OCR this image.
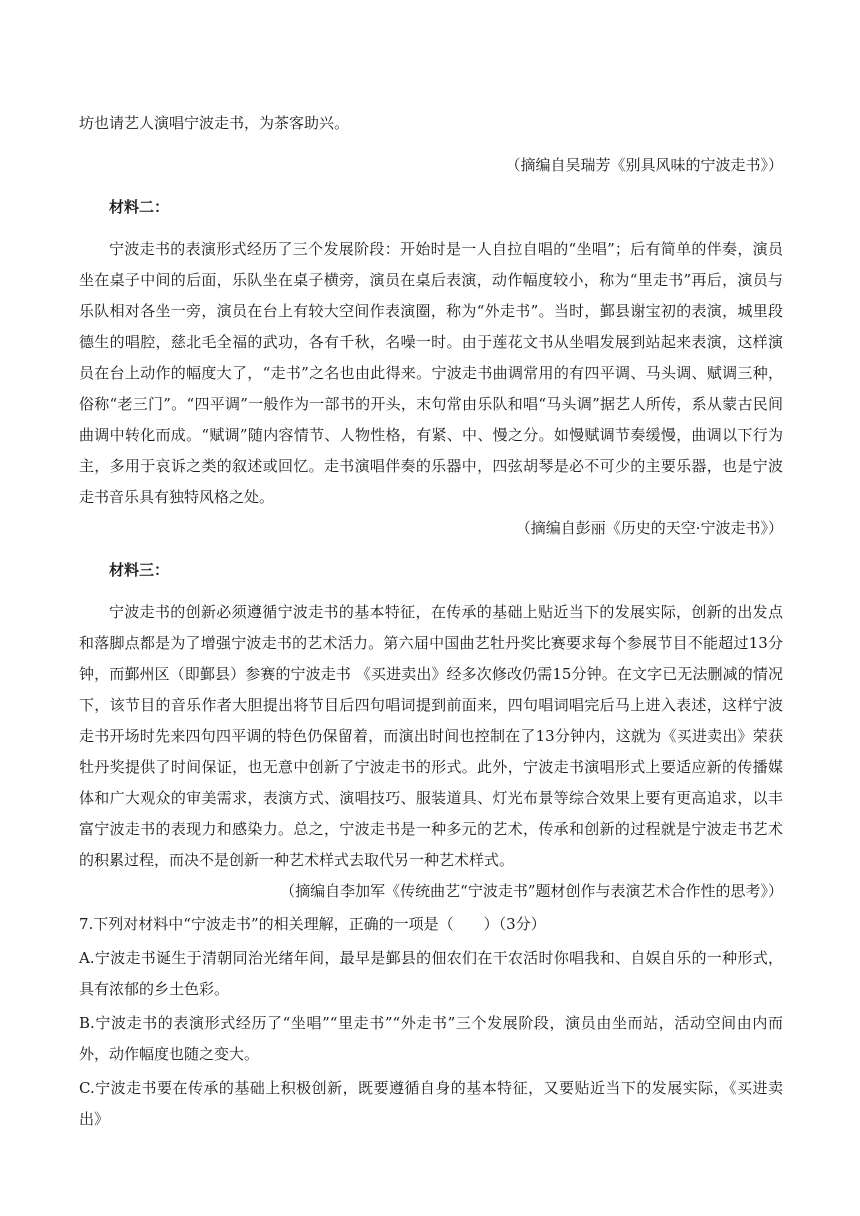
坊也请艺人演唱宁波走书，为茶客助兴。

（摘编自吴瑞芳《别具风味的宁波走书》）

材料二：

宁波走书的表演形式经历了三个发展阶段：开始时是一人自拉自唱的“坐唱”；后有简单的伴奏，演员坐在桌子中间的后面，乐队坐在桌子横旁，演员在桌后表演，动作幅度较小，称为“里走书”再后，演员与乐队相对各坐一旁，演员在台上有较大空间作表演圈，称为“外走书”。当时，鄞县谢宝初的表演，城里段德生的唱腔，慈北毛全福的武功，各有千秋，名噪一时。由于莲花文书从坐唱发展到站起来表演，这样演员在台上动作的幅度大了，“走书”之名也由此得来。宁波走书曲调常用的有四平调、马头调、赋调三种，俗称“老三门”。“四平调”一般作为一部书的开头，末句常由乐队和唱“马头调”据艺人所传，系从蒙古民间曲调中转化而成。“赋调”随内容情节、人物性格，有紧、中、慢之分。如慢赋调节奏缓慢，曲调以下行为主，多用于哀诉之类的叙述或回忆。走书演唱伴奏的乐器中，四弦胡琴是必不可少的主要乐器，也是宁波走书音乐具有独特风格之处。

（摘编自彭丽《历史的天空·宁波走书》）

材料三：

宁波走书的创新必须遵循宁波走书的基本特征，在传承的基础上贴近当下的发展实际，创新的出发点和落脚点都是为了增强宁波走书的艺术活力。第六届中国曲艺牡丹奖比赛要求每个参展节目不能超过13分钟，而鄞州区（即鄞县）参赛的宁波走书 《买进卖出》经多次修改仍需15分钟。在文字已无法删减的情况下，该节目的音乐作者大胆提出将节目后四句唱词提到前面来，四句唱词唱完后马上进入表述，这样宁波走书开场时先来四句四平调的特色仍保留着，而演出时间也控制在了13分钟内，这就为《买进卖出》荣获牡丹奖提供了时间保证，也无意中创新了宁波走书的形式。此外，宁波走书演唱形式上要适应新的传播媒体和广大观众的审美需求，表演方式、演唱技巧、服装道具、灯光布景等综合效果上要有更高追求，以丰富宁波走书的表现力和感染力。总之，宁波走书是一种多元的艺术，传承和创新的过程就是宁波走书艺术的积累过程，而决不是创新一种艺术样式去取代另一种艺术样式。

（摘编自李加军《传统曲艺“宁波走书”题材创作与表演艺术合作性的思考》）

7.下列对材料中“宁波走书”的相关理解，正确的一项是（　　）（3分）

A.宁波走书诞生于清朝同治光绪年间，最早是鄞县的佃农们在干农活时你唱我和、自娱自乐的一种形式，具有浓郁的乡土色彩。

B.宁波走书的表演形式经历了“坐唱”“里走书”“外走书”三个发展阶段，演员由坐而站，活动空间由内而外，动作幅度也随之变大。

C.宁波走书要在传承的基础上积极创新，既要遵循自身的基本特征，又要贴近当下的发展实际，《买进卖出》
